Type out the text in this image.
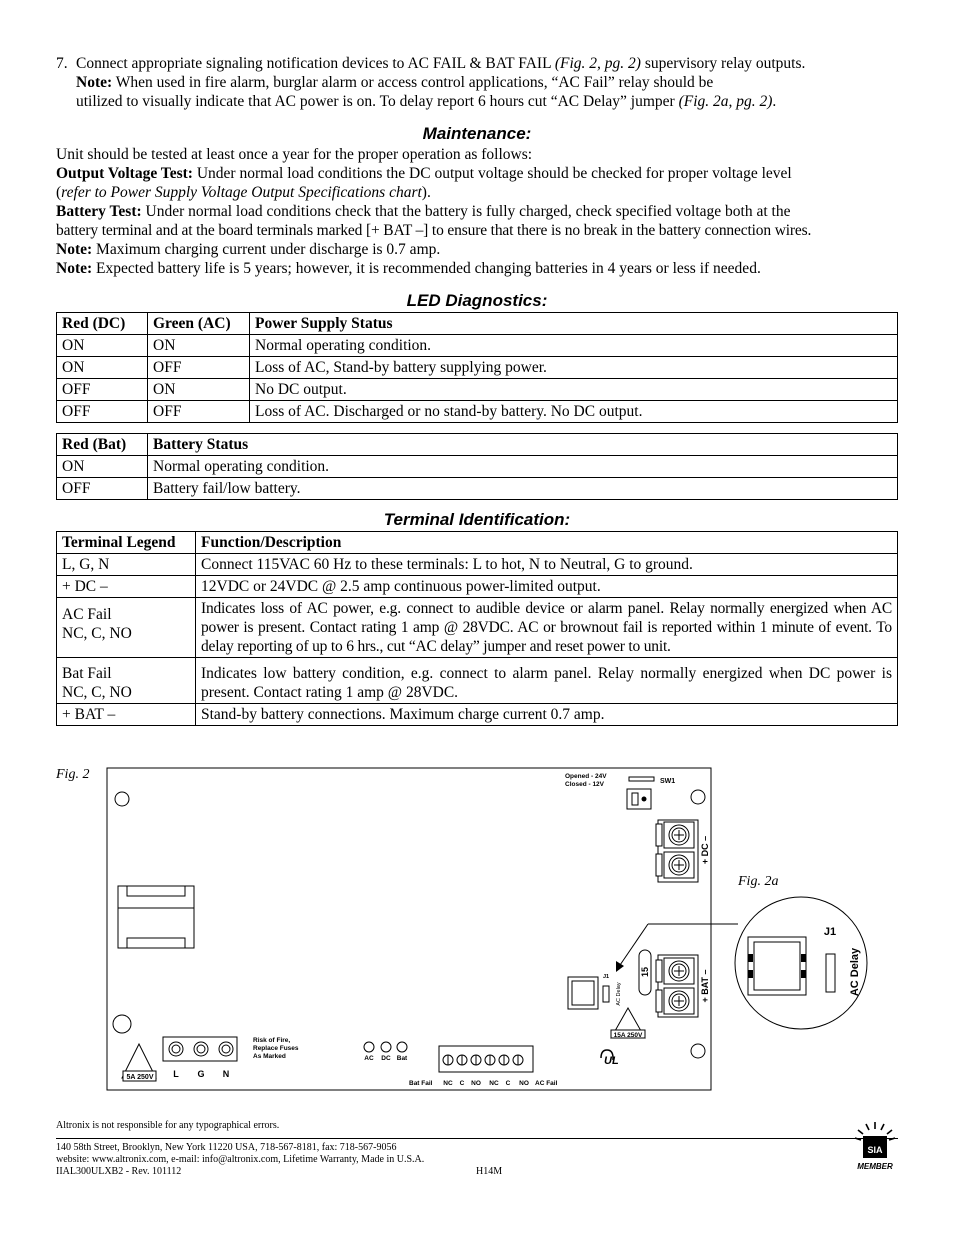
7. Connect appropriate signaling notification devices to AC FAIL & BAT FAIL (Fig. 2, pg. 2) supervisory relay outputs.

Note: When used in fire alarm, burglar alarm or access control applications, “AC Fail” relay should be

utilized to visually indicate that AC power is on. To delay report 6 hours cut “AC Delay” jumper (Fig. 2a, pg. 2).

Maintenance:

Unit should be tested at least once a year for the proper operation as follows:

Output Voltage Test: Under normal load conditions the DC output voltage should be checked for proper voltage level

(refer to Power Supply Voltage Output Specifications chart).

Battery Test: Under normal load conditions check that the battery is fully charged, check specified voltage both at the

battery terminal and at the board terminals marked [+ BAT –] to ensure that there is no break in the battery connection wires.

Note: Maximum charging current under discharge is 0.7 amp.

Note: Expected battery life is 5 years; however, it is recommended changing batteries in 4 years or less if needed.

LED Diagnostics:
Red (DC)	Green (AC)	Power Supply Status
ON	ON	Normal operating condition.
ON	OFF	Loss of AC, Stand-by battery supplying power.
OFF	ON	No DC output.
OFF	OFF	Loss of AC. Discharged or no stand-by battery. No DC output.
Red (Bat)	Battery Status
ON	Normal operating condition.
OFF	Battery fail/low battery.
Terminal Identification:
Terminal Legend	Function/Description
L, G, N	Connect 115VAC 60 Hz to these terminals: L to hot, N to Neutral, G to ground.
+ DC –	12VDC or 24VDC @ 2.5 amp continuous power-limited output.

AC Fail
NC, C, NO	Indicates loss of AC power, e.g. connect to audible device or alarm panel. Relay normally energized when AC power is present. Contact rating 1 amp @ 28VDC. AC or brownout fail is reported within 1 minute of event. To delay reporting of up to 6 hrs., cut “AC delay” jumper and reset power to unit.

Bat Fail
NC, C, NO	Indicates low battery condition, e.g. connect to alarm panel. Relay normally energized when DC power is present. Contact rating 1 amp @ 28VDC.
+ BAT –	Stand-by battery connections. Maximum charge current 0.7 amp.
Fig. 2
Fig. 2a
5A 250V L G N
Risk of Fire,
Replace Fuses
As Marked	AC DC Bat
Bat Fail NC C NO NC C NO AC Fail
UL
Opened - 24V
Closed - 12V	SW1
+ DC –
+ BAT –
15
15A 250V
J1
AC Delay
J1
AC Delay
Altronix is not responsible for any typographical errors.
140 58th Street, Brooklyn, New York 11220 USA, 718-567-8181, fax: 718-567-9056
website: www.altronix.com, e-mail: info@altronix.com, Lifetime Warranty, Made in U.S.A.
IIAL300ULXB2 - Rev. 101112	H14M
SIA
MEMBER
